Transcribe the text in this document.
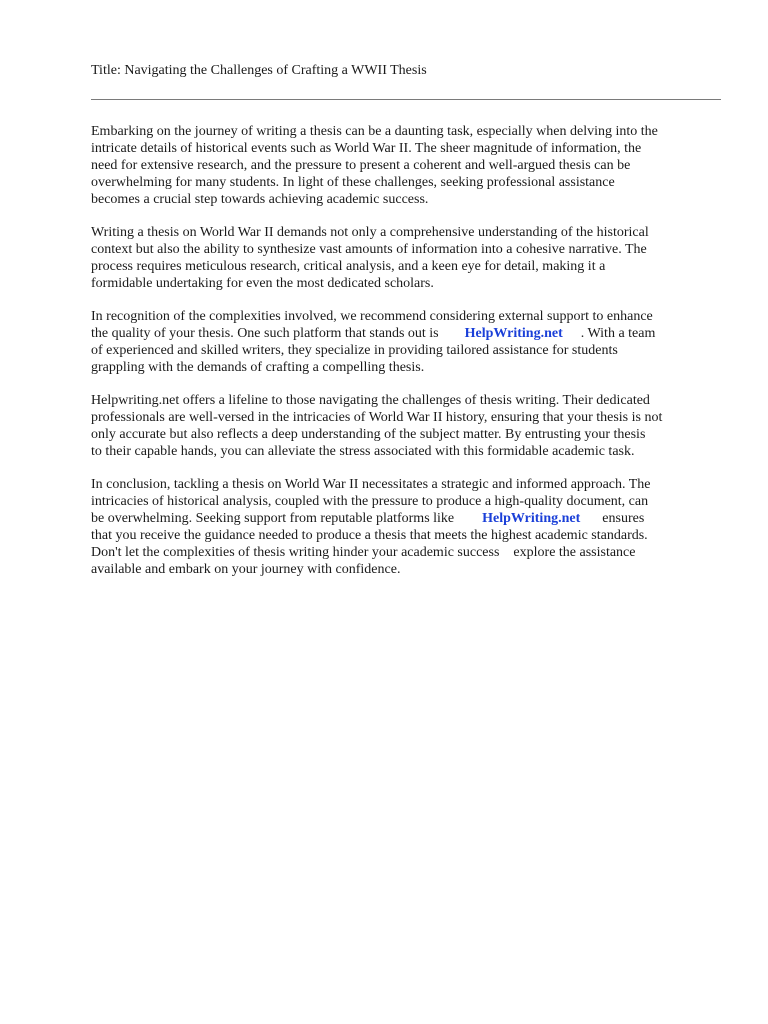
Title: Navigating the Challenges of Crafting a WWII Thesis

Embarking on the journey of writing a thesis can be a daunting task, especially when delving into the
intricate details of historical events such as World War II. The sheer magnitude of information, the
need for extensive research, and the pressure to present a coherent and well-argued thesis can be
overwhelming for many students. In light of these challenges, seeking professional assistance
becomes a crucial step towards achieving academic success.

Writing a thesis on World War II demands not only a comprehensive understanding of the historical
context but also the ability to synthesize vast amounts of information into a cohesive narrative. The
process requires meticulous research, critical analysis, and a keen eye for detail, making it a
formidable undertaking for even the most dedicated scholars.

In recognition of the complexities involved, we recommend considering external support to enhance
the quality of your thesis. One such platform that stands out is HelpWriting.net . With a team
of experienced and skilled writers, they specialize in providing tailored assistance for students
grappling with the demands of crafting a compelling thesis.

Helpwriting.net offers a lifeline to those navigating the challenges of thesis writing. Their dedicated
professionals are well-versed in the intricacies of World War II history, ensuring that your thesis is not
only accurate but also reflects a deep understanding of the subject matter. By entrusting your thesis
to their capable hands, you can alleviate the stress associated with this formidable academic task.

In conclusion, tackling a thesis on World War II necessitates a strategic and informed approach. The
intricacies of historical analysis, coupled with the pressure to produce a high-quality document, can
be overwhelming. Seeking support from reputable platforms like HelpWriting.net ensures
that you receive the guidance needed to produce a thesis that meets the highest academic standards.
Don't let the complexities of thesis writing hinder your academic success explore the assistance
available and embark on your journey with confidence.
